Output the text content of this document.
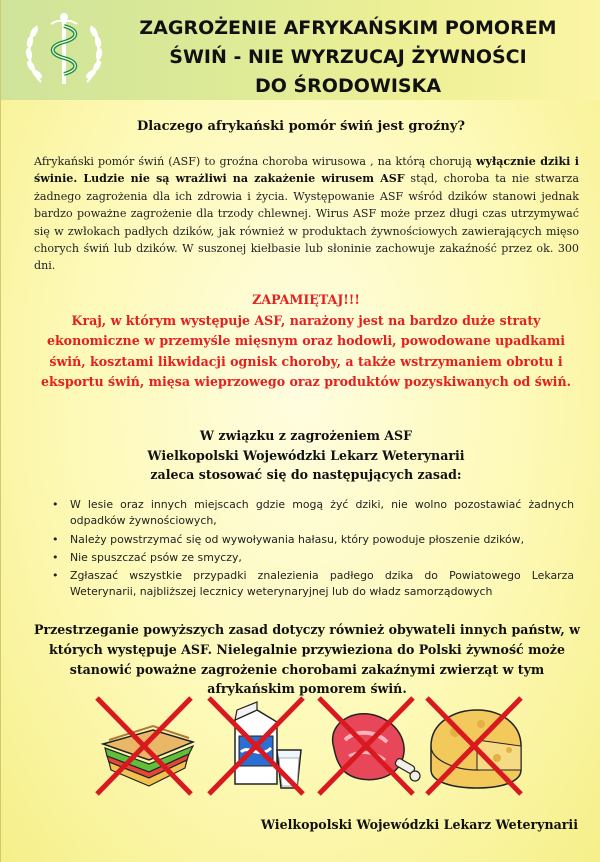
ZAGROŻENIE AFRYKAŃSKIM POMOREM
ŚWIŃ - NIE WYRZUCAJ ŻYWNOŚCI
DO ŚRODOWISKA
Dlaczego afrykański pomór świń jest groźny?
Afrykański pomór świń (ASF) to groźna choroba wirusowa , na którą chorują wyłącznie dziki i świnie. Ludzie nie są wrażliwi na zakażenie wirusem ASF stąd, choroba ta nie stwarza żadnego zagrożenia dla ich zdrowia i życia. Występowanie ASF wśród dzików stanowi jednak bardzo poważne zagrożenie dla trzody chlewnej. Wirus ASF może przez długi czas utrzymywać się w zwłokach padłych dzików, jak również w produktach żywnościowych zawierających mięso chorych świń lub dzików. W suszonej kiełbasie lub słoninie zachowuje zakaźność przez ok. 300 dni.
ZAPAMIĘTAJ!!!
Kraj, w którym występuje ASF, narażony jest na bardzo duże straty ekonomiczne w przemyśle mięsnym oraz hodowli, powodowane upadkami świń, kosztami likwidacji ognisk choroby, a także wstrzymaniem obrotu i eksportu świń, mięsa wieprzowego oraz produktów pozyskiwanych od świń.
W związku z zagrożeniem ASF
Wielkopolski Wojewódzki Lekarz Weterynarii
zaleca stosować się do następujących zasad:
• W lesie oraz innych miejscach gdzie mogą żyć dziki, nie wolno pozostawiać żadnych odpadków żywnościowych,
• Należy powstrzymać się od wywoływania hałasu, który powoduje płoszenie dzików,
• Nie spuszczać psów ze smyczy,
• Zgłaszać wszystkie przypadki znalezienia padłego dzika do Powiatowego Lekarza Weterynarii, najbliższej lecznicy weterynaryjnej lub do władz samorządowych
Przestrzeganie powyższych zasad dotyczy również obywateli innych państw, w których występuje ASF. Nielegalnie przywieziona do Polski żywność może stanowić poważne zagrożenie chorobami zakaźnymi zwierząt w tym afrykańskim pomorem świń.
Wielkopolski Wojewódzki Lekarz Weterynarii
